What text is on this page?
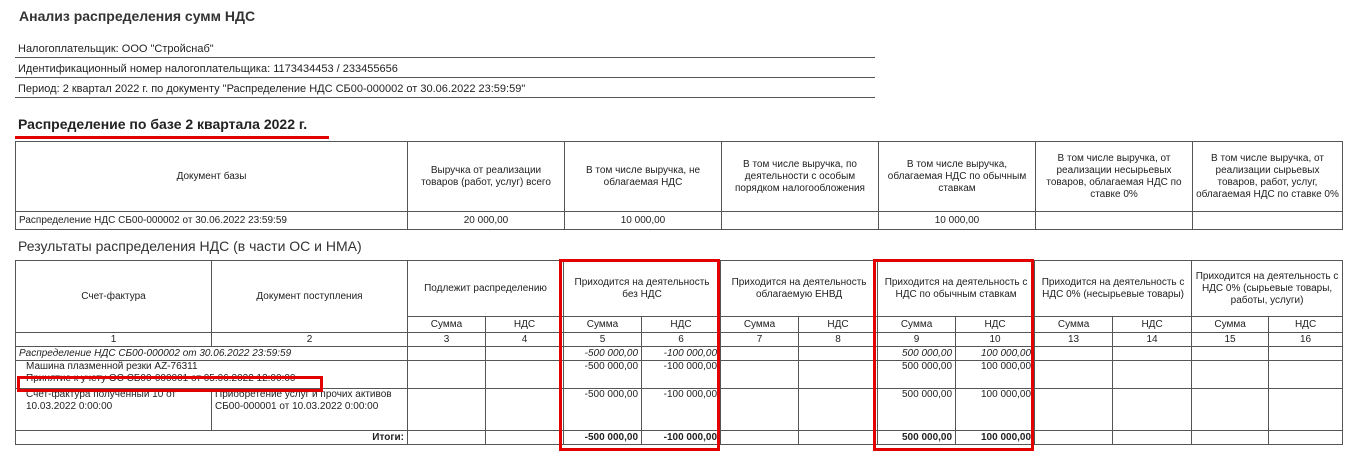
Анализ распределения сумм НДС
Налогоплательщик: ООО "Стройснаб"
Идентификационный номер налогоплательщика: 1173434453 / 233455656
Период: 2 квартал 2022 г. по документу "Распределение НДС СБ00-000002 от 30.06.2022 23:59:59"
Распределение по базе 2 квартала 2022 г.
Документ базы	Выручка от реализации товаров (работ, услуг) всего	В том числе выручка, не облагаемая НДС	В том числе выручка, по деятельности с особым порядком налогообложения	В том числе выручка, облагаемая НДС по обычным ставкам	В том числе выручка, от реализации несырьевых товаров, облагаемая НДС по ставке 0%	В том числе выручка, от реализации сырьевых товаров, работ, услуг, облагаемая НДС по ставке 0%
Распределение НДС СБ00-000002 от 30.06.2022 23:59:59	20 000,00	10 000,00		10 000,00		
Результаты распределения НДС (в части ОС и НМА)
Счет-фактура	Документ поступления	Подлежит распределению		Приходится на деятельность без НДС		Приходится на деятельность облагаемую ЕНВД		Приходится на деятельность с НДС по обычным ставкам		Приходится на деятельность с НДС 0% (несырьевые товары)		Приходится на деятельность с НДС 0% (сырьевые товары, работы, услуги)	
		Сумма	НДС	Сумма	НДС	Сумма	НДС	Сумма	НДС	Сумма	НДС	Сумма	НДС
1	2	3	4	5	6	7	8	9	10	13	14	15	16
Распределение НДС СБ00-000002 от 30.06.2022 23:59:59				-500 000,00	-100 000,00			500 000,00	100 000,00				

Машина плазменной резки AZ-76311
Принятие к учету ОС СБ00-000001 от 05.06.2022 12:00:00				-500 000,00	-100 000,00			500 000,00	100 000,00				
Счет-фактура полученный 10 от 10.03.2022 0:00:00	Приобретение услуг и прочих активов СБ00-000001 от 10.03.2022 0:00:00			-500 000,00	-100 000,00			500 000,00	100 000,00				
Итоги:				-500 000,00	-100 000,00			500 000,00	100 000,00				
